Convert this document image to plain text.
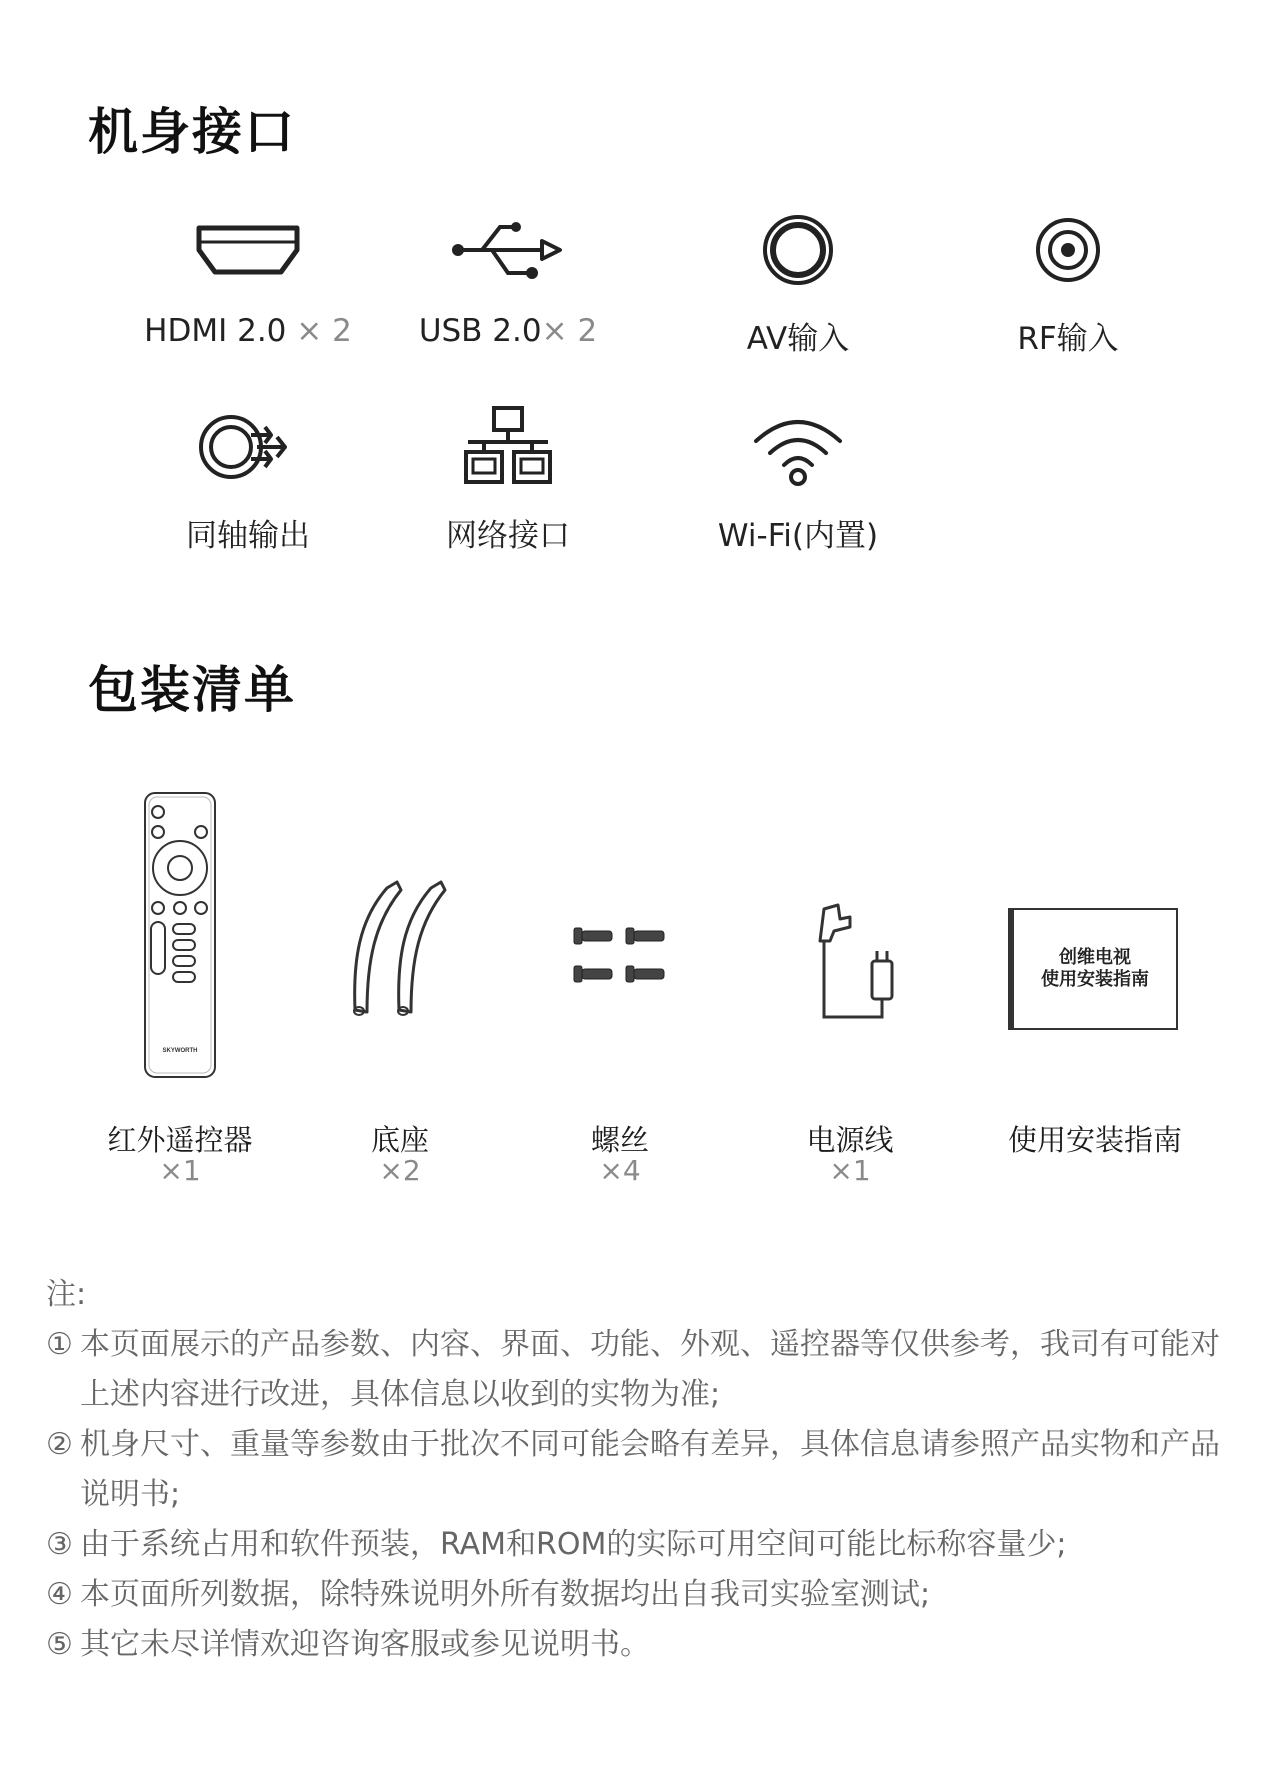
机身接口
HDMI 2.0 × 2	USB 2.0× 2	AV输入	RF输入
同轴输出	网络接口	Wi-Fi(内置)
包装清单
SKYWORTH
红外遥控器
×1
底座
×2
螺丝
×4
电源线
×1
创维电视
使用安装指南
使用安装指南
注:
① 本页面展示的产品参数、内容、界面、功能、外观、遥控器等仅供参考，我司有可能对上述内容进行改进，具体信息以收到的实物为准;
② 机身尺寸、重量等参数由于批次不同可能会略有差异，具体信息请参照产品实物和产品说明书;
③ 由于系统占用和软件预装，RAM和ROM的实际可用空间可能比标称容量少;
④ 本页面所列数据，除特殊说明外所有数据均出自我司实验室测试;
⑤ 其它未尽详情欢迎咨询客服或参见说明书。
